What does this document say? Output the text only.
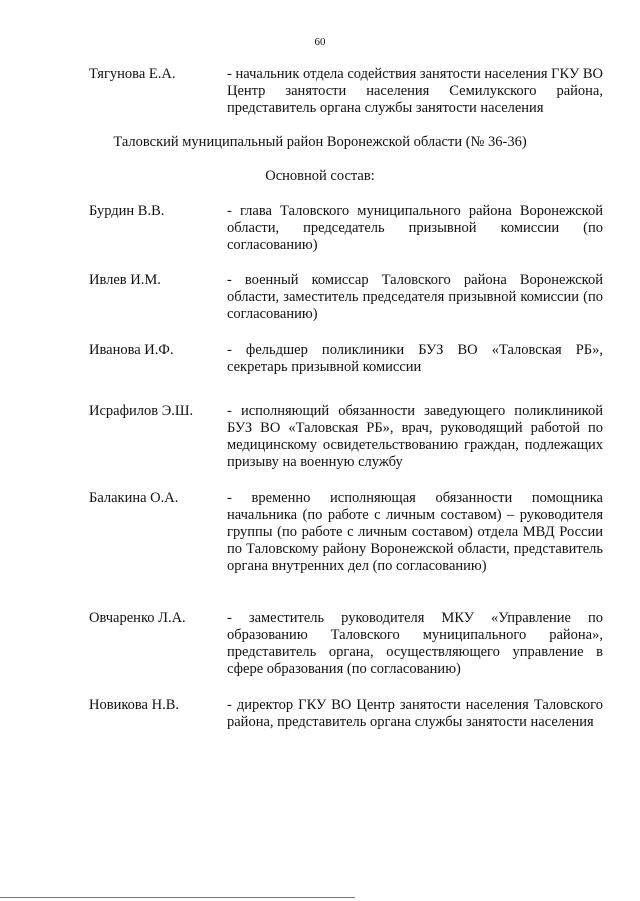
60
Тягунова Е.А.	- начальник отдела содействия занятости населения ГКУ ВО Центр занятости населения Семилукского района, представитель органа службы занятости населения
Таловский муниципальный район Воронежской области (№ 36-36)
Основной состав:
Бурдин В.В.	- глава Таловского муниципального района Воронежской области, председатель призывной комиссии (по согласованию)
Ивлев И.М.	- военный комиссар Таловского района Воронежской области, заместитель председателя призывной комиссии (по согласованию)
Иванова И.Ф.	- фельдшер поликлиники БУЗ ВО «Таловская РБ», секретарь призывной комиссии
Исрафилов Э.Ш. - исполняющий обязанности заведующего поликлиникой БУЗ ВО «Таловская РБ», врач, руководящий работой по медицинскому освидетельствованию граждан, подлежащих призыву на военную службу
Балакина О.А.	- временно исполняющая обязанности помощника начальника (по работе с личным составом) – руководителя группы (по работе с личным составом) отдела МВД России по Таловскому району Воронежской области, представитель органа внутренних дел (по согласованию)
Овчаренко Л.А.	- заместитель руководителя МКУ «Управление по образованию Таловского муниципального района», представитель органа, осуществляющего управление в сфере образования (по согласованию)
Новикова Н.В.	- директор ГКУ ВО Центр занятости населения Таловского района, представитель органа службы занятости населения
